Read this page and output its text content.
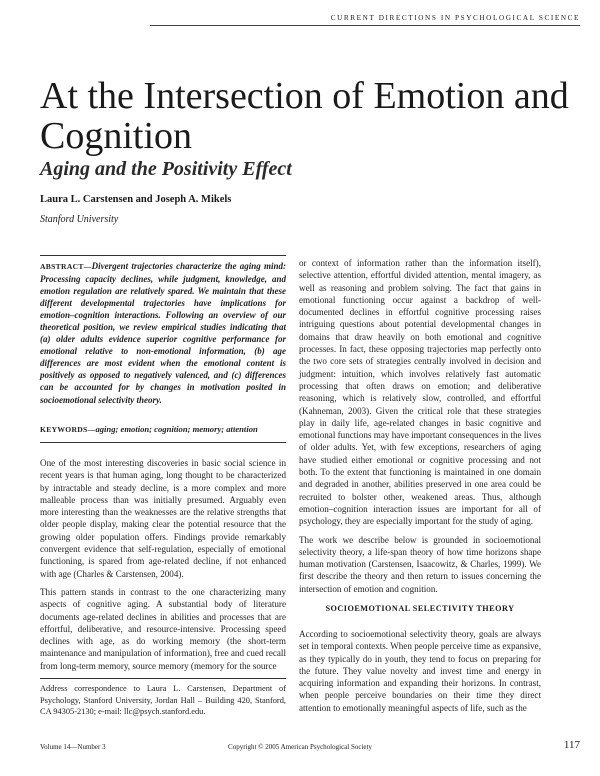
CURRENT DIRECTIONS IN PSYCHOLOGICAL SCIENCE
At the Intersection of Emotion and Cognition
Aging and the Positivity Effect

Laura L. Carstensen and Joseph A. Mikels

Stanford University

ABSTRACT—Divergent trajectories characterize the aging mind: Processing capacity declines, while judgment, knowledge, and emotion regulation are relatively spared. We maintain that these different developmental trajectories have implications for emotion–cognition interactions. Following an overview of our theoretical position, we review empirical studies indicating that (a) older adults evidence superior cognitive performance for emotional relative to non-emotional information, (b) age differences are most evident when the emotional content is positively as opposed to negatively valenced, and (c) differences can be accounted for by changes in motivation posited in socioemotional selectivity theory.

KEYWORDS—aging; emotion; cognition; memory; attention

One of the most interesting discoveries in basic social science in recent years is that human aging, long thought to be characterized by intractable and steady decline, is a more complex and more malleable process than was initially presumed. Arguably even more interesting than the weaknesses are the relative strengths that older people display, making clear the potential resource that the growing older population offers. Findings provide remarkably convergent evidence that self-regulation, especially of emotional functioning, is spared from age-related decline, if not enhanced with age (Charles & Carstensen, 2004).

This pattern stands in contrast to the one characterizing many aspects of cognitive aging. A substantial body of literature documents age-related declines in abilities and processes that are effortful, deliberative, and resource-intensive. Processing speed declines with age, as do working memory (the short-term maintenance and manipulation of information), free and cued recall from long-term memory, source memory (memory for the source

or context of information rather than the information itself), selective attention, effortful divided attention, mental imagery, as well as reasoning and problem solving. The fact that gains in emotional functioning occur against a backdrop of well-documented declines in effortful cognitive processing raises intriguing questions about potential developmental changes in domains that draw heavily on both emotional and cognitive processes. In fact, these opposing trajectories map perfectly onto the two core sets of strategies centrally involved in decision and judgment: intuition, which involves relatively fast automatic processing that often draws on emotion; and deliberative reasoning, which is relatively slow, controlled, and effortful (Kahneman, 2003). Given the critical role that these strategies play in daily life, age-related changes in basic cognitive and emotional functions may have important consequences in the lives of older adults. Yet, with few exceptions, researchers of aging have studied either emotional or cognitive processing and not both. To the extent that functioning is maintained in one domain and degraded in another, abilities preserved in one area could be recruited to bolster other, weakened areas. Thus, although emotion–cognition interaction issues are important for all of psychology, they are especially important for the study of aging.

The work we describe below is grounded in socioemotional selectivity theory, a life-span theory of how time horizons shape human motivation (Carstensen, Isaacowitz, & Charles, 1999). We first describe the theory and then return to issues concerning the intersection of emotion and cognition.

SOCIOEMOTIONAL SELECTIVITY THEORY

According to socioemotional selectivity theory, goals are always set in temporal contexts. When people perceive time as expansive, as they typically do in youth, they tend to focus on preparing for the future. They value novelty and invest time and energy in acquiring information and expanding their horizons. In contrast, when people perceive boundaries on their time they direct attention to emotionally meaningful aspects of life, such as the

Address correspondence to Laura L. Carstensen, Department of Psychology, Stanford University, Jordan Hall – Building 420, Stanford, CA 94305-2130; e-mail: llc@psych.stanford.edu.

Volume 14—Number 3	Copyright © 2005 American Psychological Society	117
